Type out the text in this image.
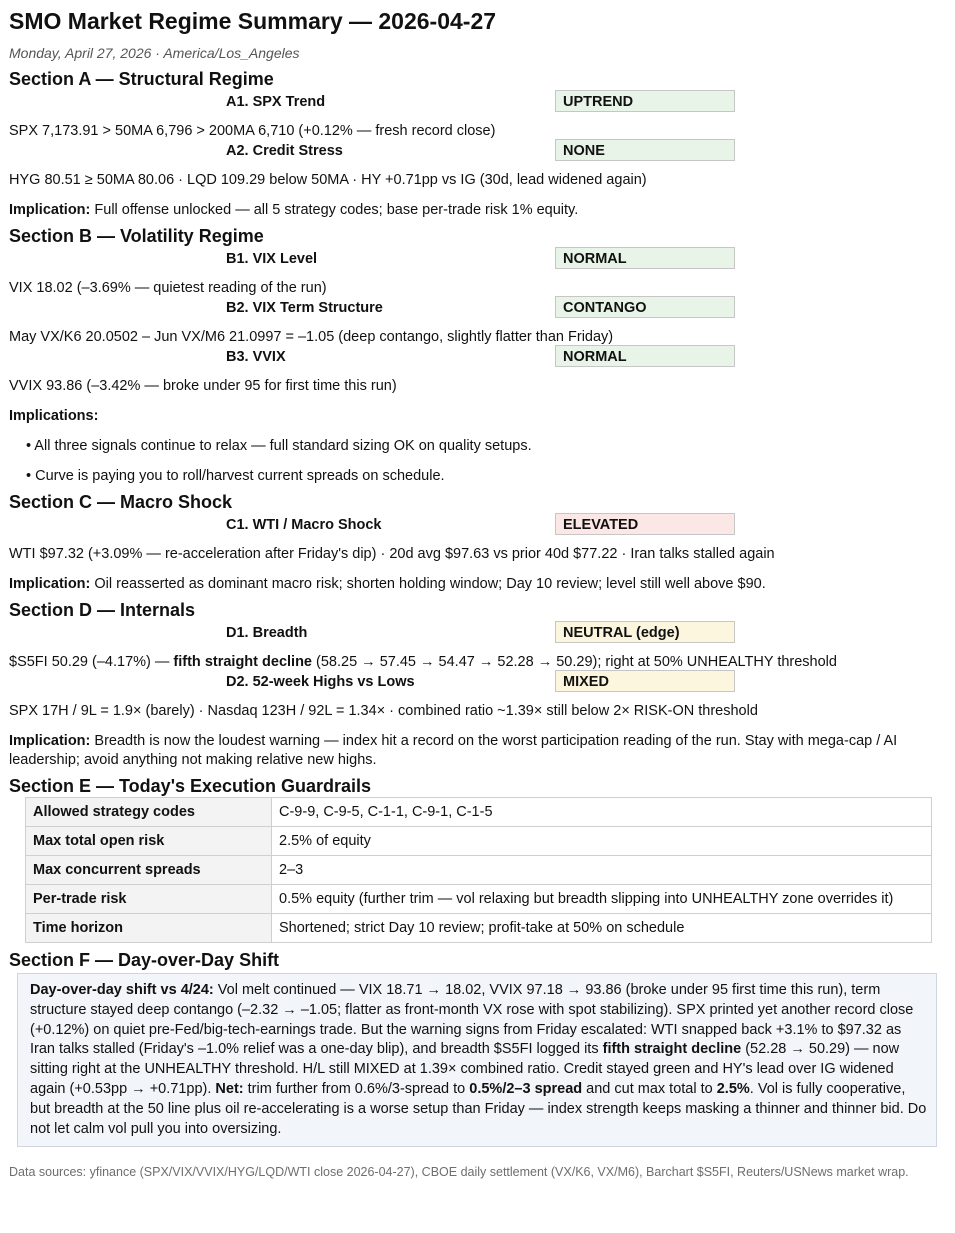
SMO Market Regime Summary — 2026-04-27
Monday, April 27, 2026 · America/Los_Angeles
Section A — Structural Regime
A1. SPX Trend	UPTREND

SPX 7,173.91 > 50MA 6,796 > 200MA 6,710 (+0.12% — fresh record close)

A2. Credit Stress	NONE

HYG 80.51 ≥ 50MA 80.06 · LQD 109.29 below 50MA · HY +0.71pp vs IG (30d, lead widened again)

Implication: Full offense unlocked — all 5 strategy codes; base per-trade risk 1% equity.

Section B — Volatility Regime
B1. VIX Level	NORMAL

VIX 18.02 (–3.69% — quietest reading of the run)

B2. VIX Term Structure	CONTANGO

May VX/K6 20.0502 – Jun VX/M6 21.0997 = –1.05 (deep contango, slightly flatter than Friday)

B3. VVIX	NORMAL

VVIX 93.86 (–3.42% — broke under 95 for first time this run)

Implications:

• All three signals continue to relax — full standard sizing OK on quality setups.

• Curve is paying you to roll/harvest current spreads on schedule.

Section C — Macro Shock
C1. WTI / Macro Shock	ELEVATED

WTI $97.32 (+3.09% — re-acceleration after Friday's dip) · 20d avg $97.63 vs prior 40d $77.22 · Iran talks stalled again

Implication: Oil reasserted as dominant macro risk; shorten holding window; Day 10 review; level still well above $90.

Section D — Internals
D1. Breadth	NEUTRAL (edge)

$S5FI 50.29 (–4.17%) — fifth straight decline (58.25 → 57.45 → 54.47 → 52.28 → 50.29); right at 50% UNHEALTHY threshold

D2. 52-week Highs vs Lows	MIXED

SPX 17H / 9L = 1.9× (barely) · Nasdaq 123H / 92L = 1.34× · combined ratio ~1.39× still below 2× RISK-ON threshold

Implication: Breadth is now the loudest warning — index hit a record on the worst participation reading of the run. Stay with mega-cap / AI leadership; avoid anything not making relative new highs.

Section E — Today's Execution Guardrails
Allowed strategy codes	C-9-9, C-9-5, C-1-1, C-9-1, C-1-5
Max total open risk	2.5% of equity
Max concurrent spreads	2–3
Per-trade risk	0.5% equity (further trim — vol relaxing but breadth slipping into UNHEALTHY zone overrides it)
Time horizon	Shortened; strict Day 10 review; profit-take at 50% on schedule
Section F — Day-over-Day Shift
Day-over-day shift vs 4/24: Vol melt continued — VIX 18.71 → 18.02, VVIX 97.18 → 93.86 (broke under 95 first time this run), term structure stayed deep contango (–2.32 → –1.05; flatter as front-month VX rose with spot stabilizing). SPX printed yet another record close (+0.12%) on quiet pre-Fed/big-tech-earnings trade. But the warning signs from Friday escalated: WTI snapped back +3.1% to $97.32 as Iran talks stalled (Friday's –1.0% relief was a one-day blip), and breadth $S5FI logged its fifth straight decline (52.28 → 50.29) — now sitting right at the UNHEALTHY threshold. H/L still MIXED at 1.39× combined ratio. Credit stayed green and HY's lead over IG widened again (+0.53pp → +0.71pp). Net: trim further from 0.6%/3-spread to 0.5%/2–3 spread and cut max total to 2.5%. Vol is fully cooperative, but breadth at the 50 line plus oil re-accelerating is a worse setup than Friday — index strength keeps masking a thinner and thinner bid. Do not let calm vol pull you into oversizing.

Data sources: yfinance (SPX/VIX/VVIX/HYG/LQD/WTI close 2026-04-27), CBOE daily settlement (VX/K6, VX/M6), Barchart $S5FI, Reuters/USNews market wrap.
